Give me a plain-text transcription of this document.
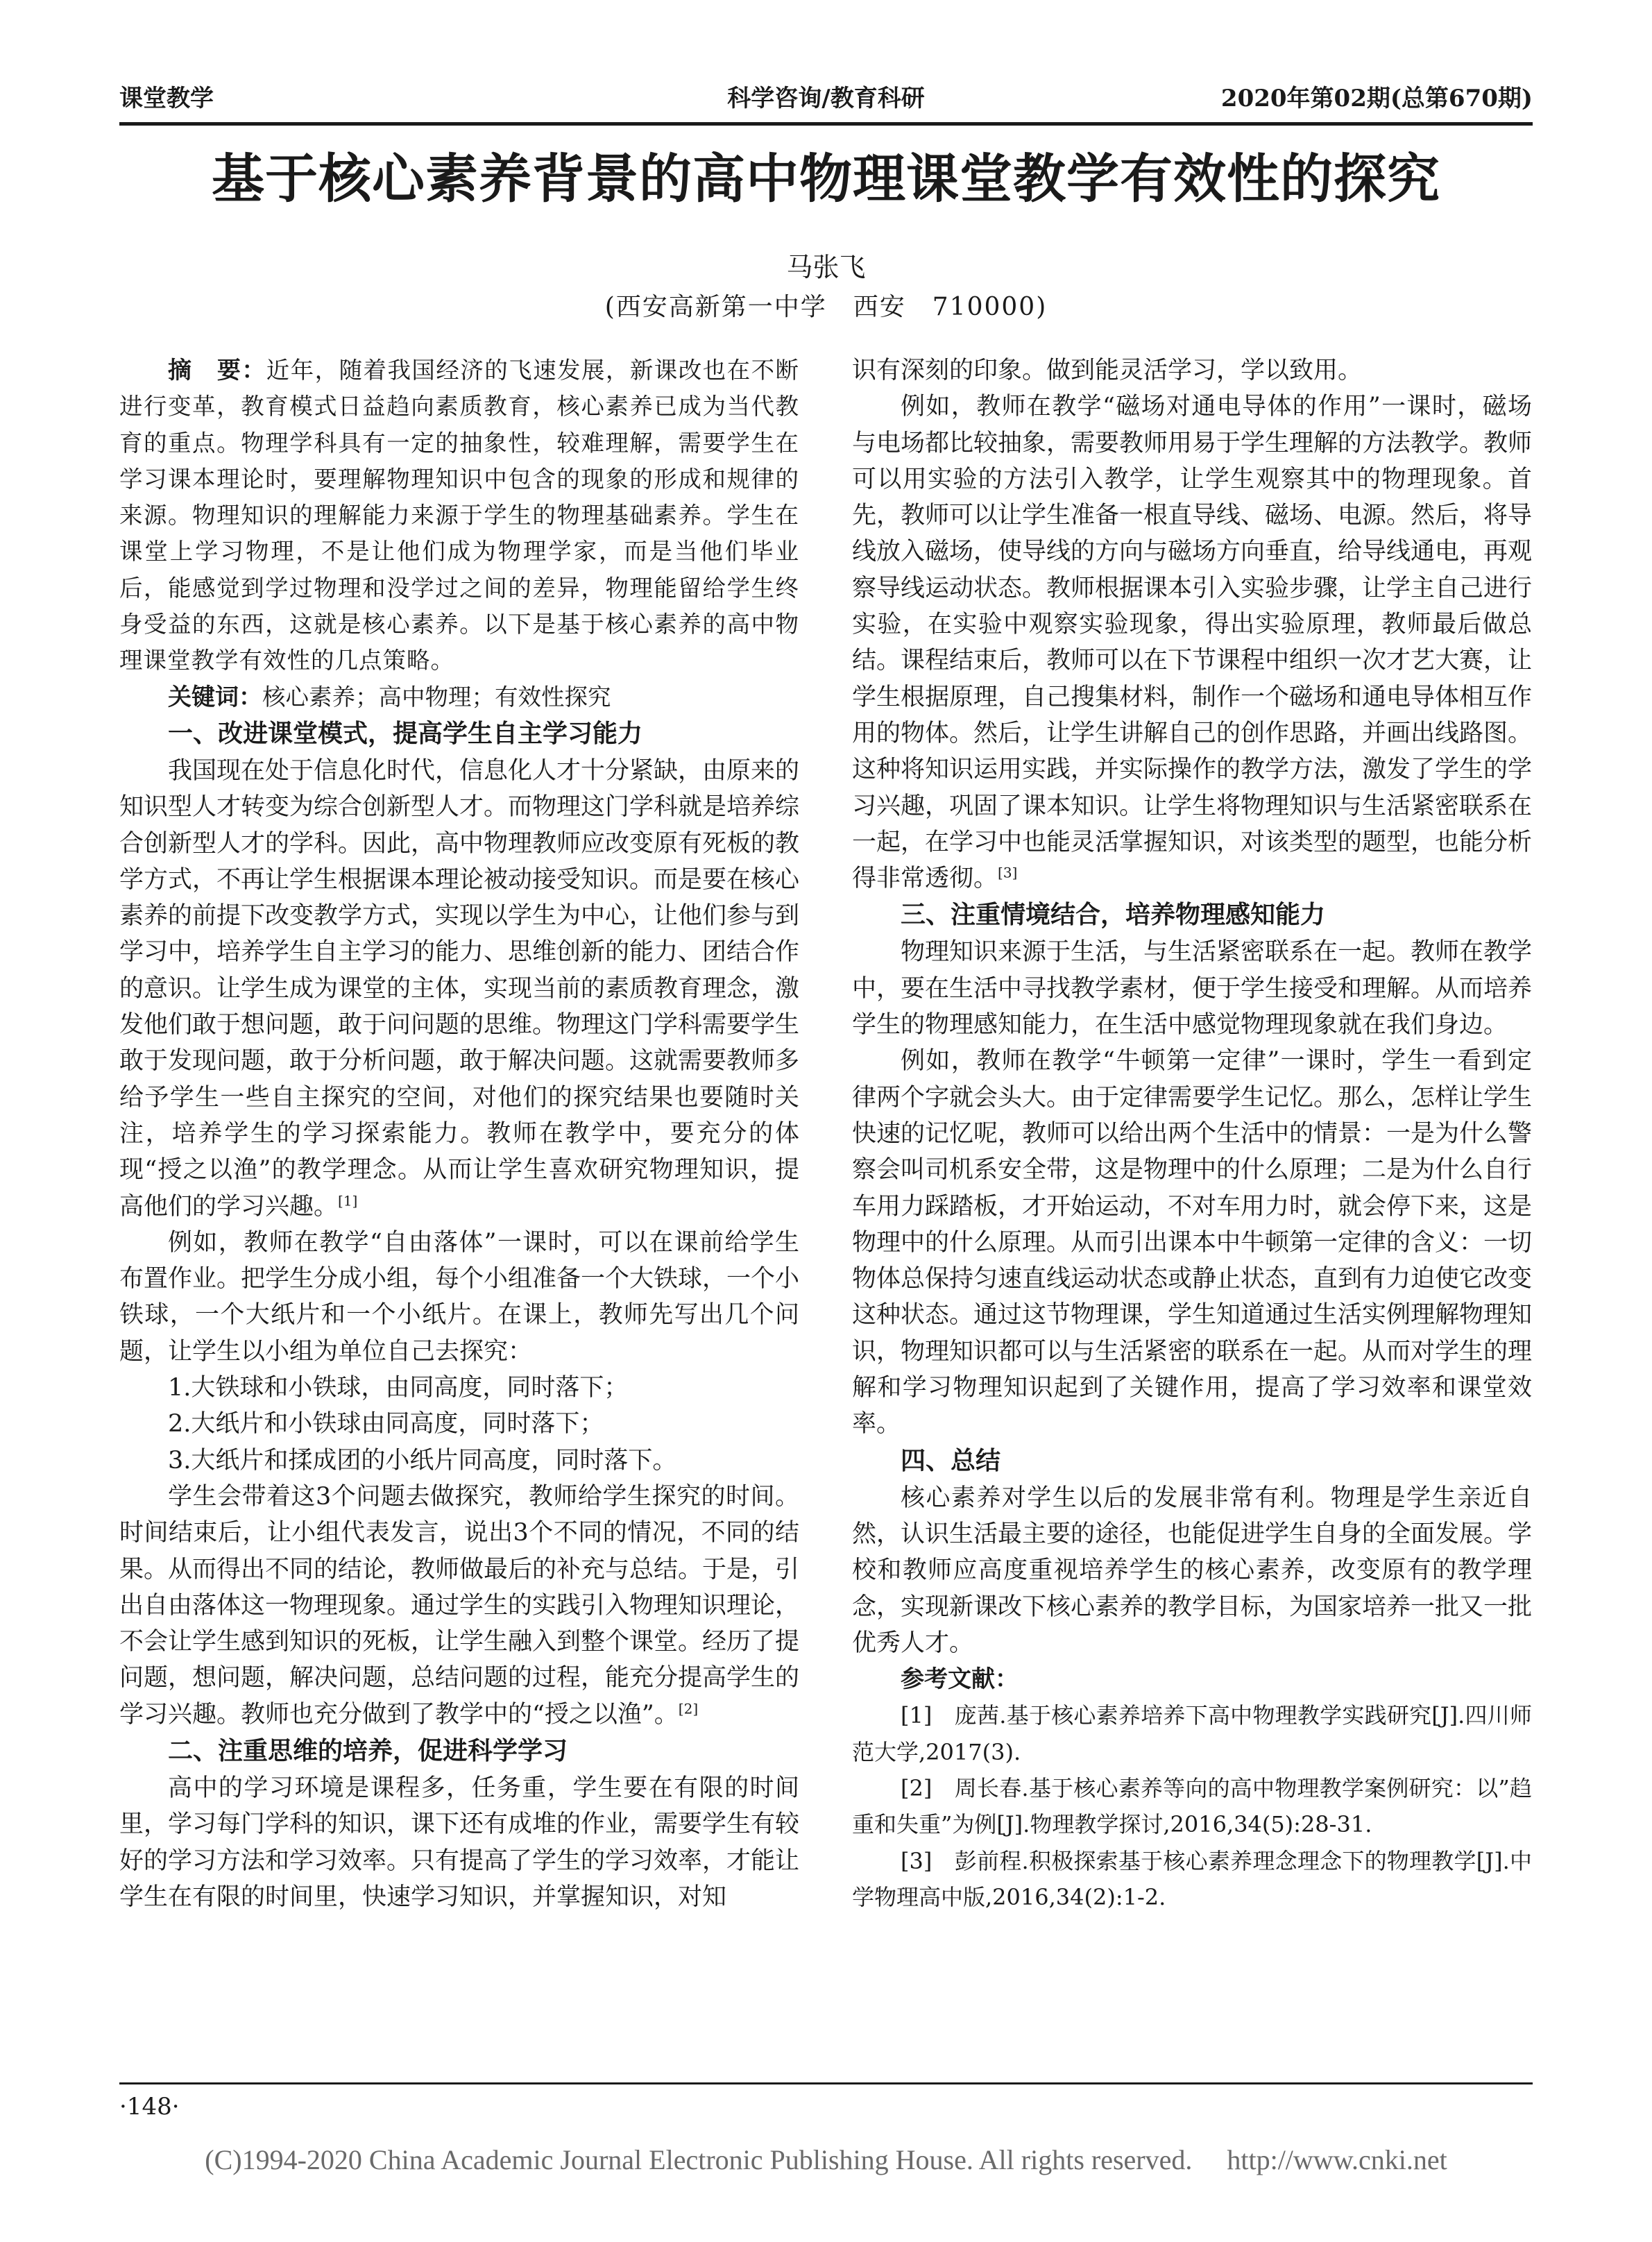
课堂教学	科学咨询/教育科研	2020年第02期(总第670期)
基于核心素养背景的高中物理课堂教学有效性的探究
马张飞
(西安高新第一中学　西安　710000)

摘　要：近年，随着我国经济的飞速发展，新课改也在不断进行变革，教育模式日益趋向素质教育，核心素养已成为当代教育的重点。物理学科具有一定的抽象性，较难理解，需要学生在学习课本理论时，要理解物理知识中包含的现象的形成和规律的来源。物理知识的理解能力来源于学生的物理基础素养。学生在课堂上学习物理，不是让他们成为物理学家，而是当他们毕业后，能感觉到学过物理和没学过之间的差异，物理能留给学生终身受益的东西，这就是核心素养。以下是基于核心素养的高中物理课堂教学有效性的几点策略。

关键词：核心素养；高中物理；有效性探究

一、改进课堂模式，提高学生自主学习能力

我国现在处于信息化时代，信息化人才十分紧缺，由原来的知识型人才转变为综合创新型人才。而物理这门学科就是培养综合创新型人才的学科。因此，高中物理教师应改变原有死板的教学方式，不再让学生根据课本理论被动接受知识。而是要在核心素养的前提下改变教学方式，实现以学生为中心，让他们参与到学习中，培养学生自主学习的能力、思维创新的能力、团结合作的意识。让学生成为课堂的主体，实现当前的素质教育理念，激发他们敢于想问题，敢于问问题的思维。物理这门学科需要学生敢于发现问题，敢于分析问题，敢于解决问题。这就需要教师多给予学生一些自主探究的空间，对他们的探究结果也要随时关注，培养学生的学习探索能力。教师在教学中，要充分的体现“授之以渔”的教学理念。从而让学生喜欢研究物理知识，提高他们的学习兴趣。[1]

例如，教师在教学“自由落体”一课时，可以在课前给学生布置作业。把学生分成小组，每个小组准备一个大铁球，一个小铁球，一个大纸片和一个小纸片。在课上，教师先写出几个问题，让学生以小组为单位自己去探究：

1.大铁球和小铁球，由同高度，同时落下；

2.大纸片和小铁球由同高度，同时落下；

3.大纸片和揉成团的小纸片同高度，同时落下。

学生会带着这3个问题去做探究，教师给学生探究的时间。时间结束后，让小组代表发言，说出3个不同的情况，不同的结果。从而得出不同的结论，教师做最后的补充与总结。于是，引出自由落体这一物理现象。通过学生的实践引入物理知识理论，不会让学生感到知识的死板，让学生融入到整个课堂。经历了提问题，想问题，解决问题，总结问题的过程，能充分提高学生的学习兴趣。教师也充分做到了教学中的“授之以渔”。[2]

二、注重思维的培养，促进科学学习

高中的学习环境是课程多，任务重，学生要在有限的时间里，学习每门学科的知识，课下还有成堆的作业，需要学生有较好的学习方法和学习效率。只有提高了学生的学习效率，才能让学生在有限的时间里，快速学习知识，并掌握知识，对知

识有深刻的印象。做到能灵活学习，学以致用。

例如，教师在教学“磁场对通电导体的作用”一课时，磁场与电场都比较抽象，需要教师用易于学生理解的方法教学。教师可以用实验的方法引入教学，让学生观察其中的物理现象。首先，教师可以让学生准备一根直导线、磁场、电源。然后，将导线放入磁场，使导线的方向与磁场方向垂直，给导线通电，再观察导线运动状态。教师根据课本引入实验步骤，让学主自己进行实验，在实验中观察实验现象，得出实验原理，教师最后做总结。课程结束后，教师可以在下节课程中组织一次才艺大赛，让学生根据原理，自己搜集材料，制作一个磁场和通电导体相互作用的物体。然后，让学生讲解自己的创作思路，并画出线路图。这种将知识运用实践，并实际操作的教学方法，激发了学生的学习兴趣，巩固了课本知识。让学生将物理知识与生活紧密联系在一起，在学习中也能灵活掌握知识，对该类型的题型，也能分析得非常透彻。[3]

三、注重情境结合，培养物理感知能力

物理知识来源于生活，与生活紧密联系在一起。教师在教学中，要在生活中寻找教学素材，便于学生接受和理解。从而培养学生的物理感知能力，在生活中感觉物理现象就在我们身边。

例如，教师在教学“牛顿第一定律”一课时，学生一看到定律两个字就会头大。由于定律需要学生记忆。那么，怎样让学生快速的记忆呢，教师可以给出两个生活中的情景：一是为什么警察会叫司机系安全带，这是物理中的什么原理；二是为什么自行车用力踩踏板，才开始运动，不对车用力时，就会停下来，这是物理中的什么原理。从而引出课本中牛顿第一定律的含义：一切物体总保持匀速直线运动状态或静止状态，直到有力迫使它改变这种状态。通过这节物理课，学生知道通过生活实例理解物理知识，物理知识都可以与生活紧密的联系在一起。从而对学生的理解和学习物理知识起到了关键作用，提高了学习效率和课堂效率。

四、总结

核心素养对学生以后的发展非常有利。物理是学生亲近自然，认识生活最主要的途径，也能促进学生自身的全面发展。学校和教师应高度重视培养学生的核心素养，改变原有的教学理念，实现新课改下核心素养的教学目标，为国家培养一批又一批优秀人才。

参考文献：

[1]　庞茜.基于核心素养培养下高中物理教学实践研究[J].四川师范大学,2017(3).

[2]　周长春.基于核心素养等向的高中物理教学案例研究：以”趋重和失重”为例[J].物理教学探讨,2016,34(5):28-31.

[3]　彭前程.积极探索基于核心素养理念理念下的物理教学[J].中学物理高中版,2016,34(2):1-2.

·148·
(C)1994-2020 China Academic Journal Electronic Publishing House. All rights reserved.　 http://www.cnki.net
